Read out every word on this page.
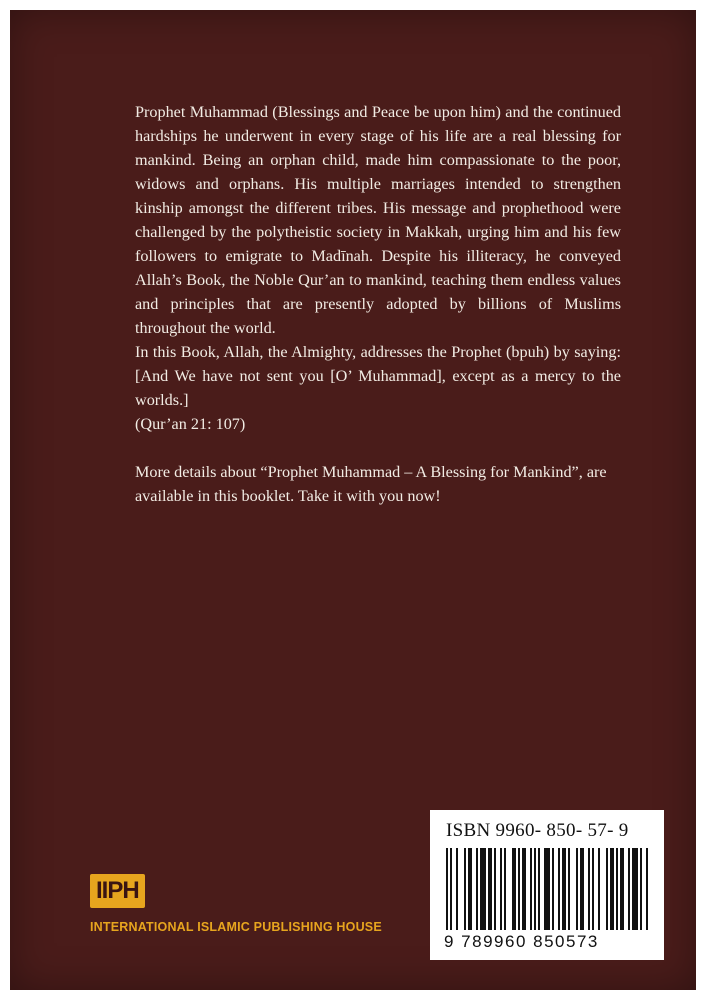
Prophet Muhammad (Blessings and Peace be upon him) and the continued hardships he underwent in every stage of his life are a real blessing for mankind. Being an orphan child, made him compassionate to the poor, widows and orphans. His multiple marriages intended to strengthen kinship amongst the different tribes. His message and prophethood were challenged by the polytheistic society in Makkah, urging him and his few followers to emigrate to Madīnah. Despite his illiteracy, he conveyed Allah’s Book, the Noble Qur’an to mankind, teaching them endless values and principles that are presently adopted by billions of Muslims throughout the world.

In this Book, Allah, the Almighty, addresses the Prophet (bpuh) by saying: [And We have not sent you [O’ Muhammad], except as a mercy to the worlds.]

(Qur’an 21: 107)

More details about “Prophet Muhammad – A Blessing for Mankind”, are available in this booklet. Take it with you now!

IIPH
INTERNATIONAL ISLAMIC PUBLISHING HOUSE
ISBN 9960- 850- 57- 9
9 789960 850573
